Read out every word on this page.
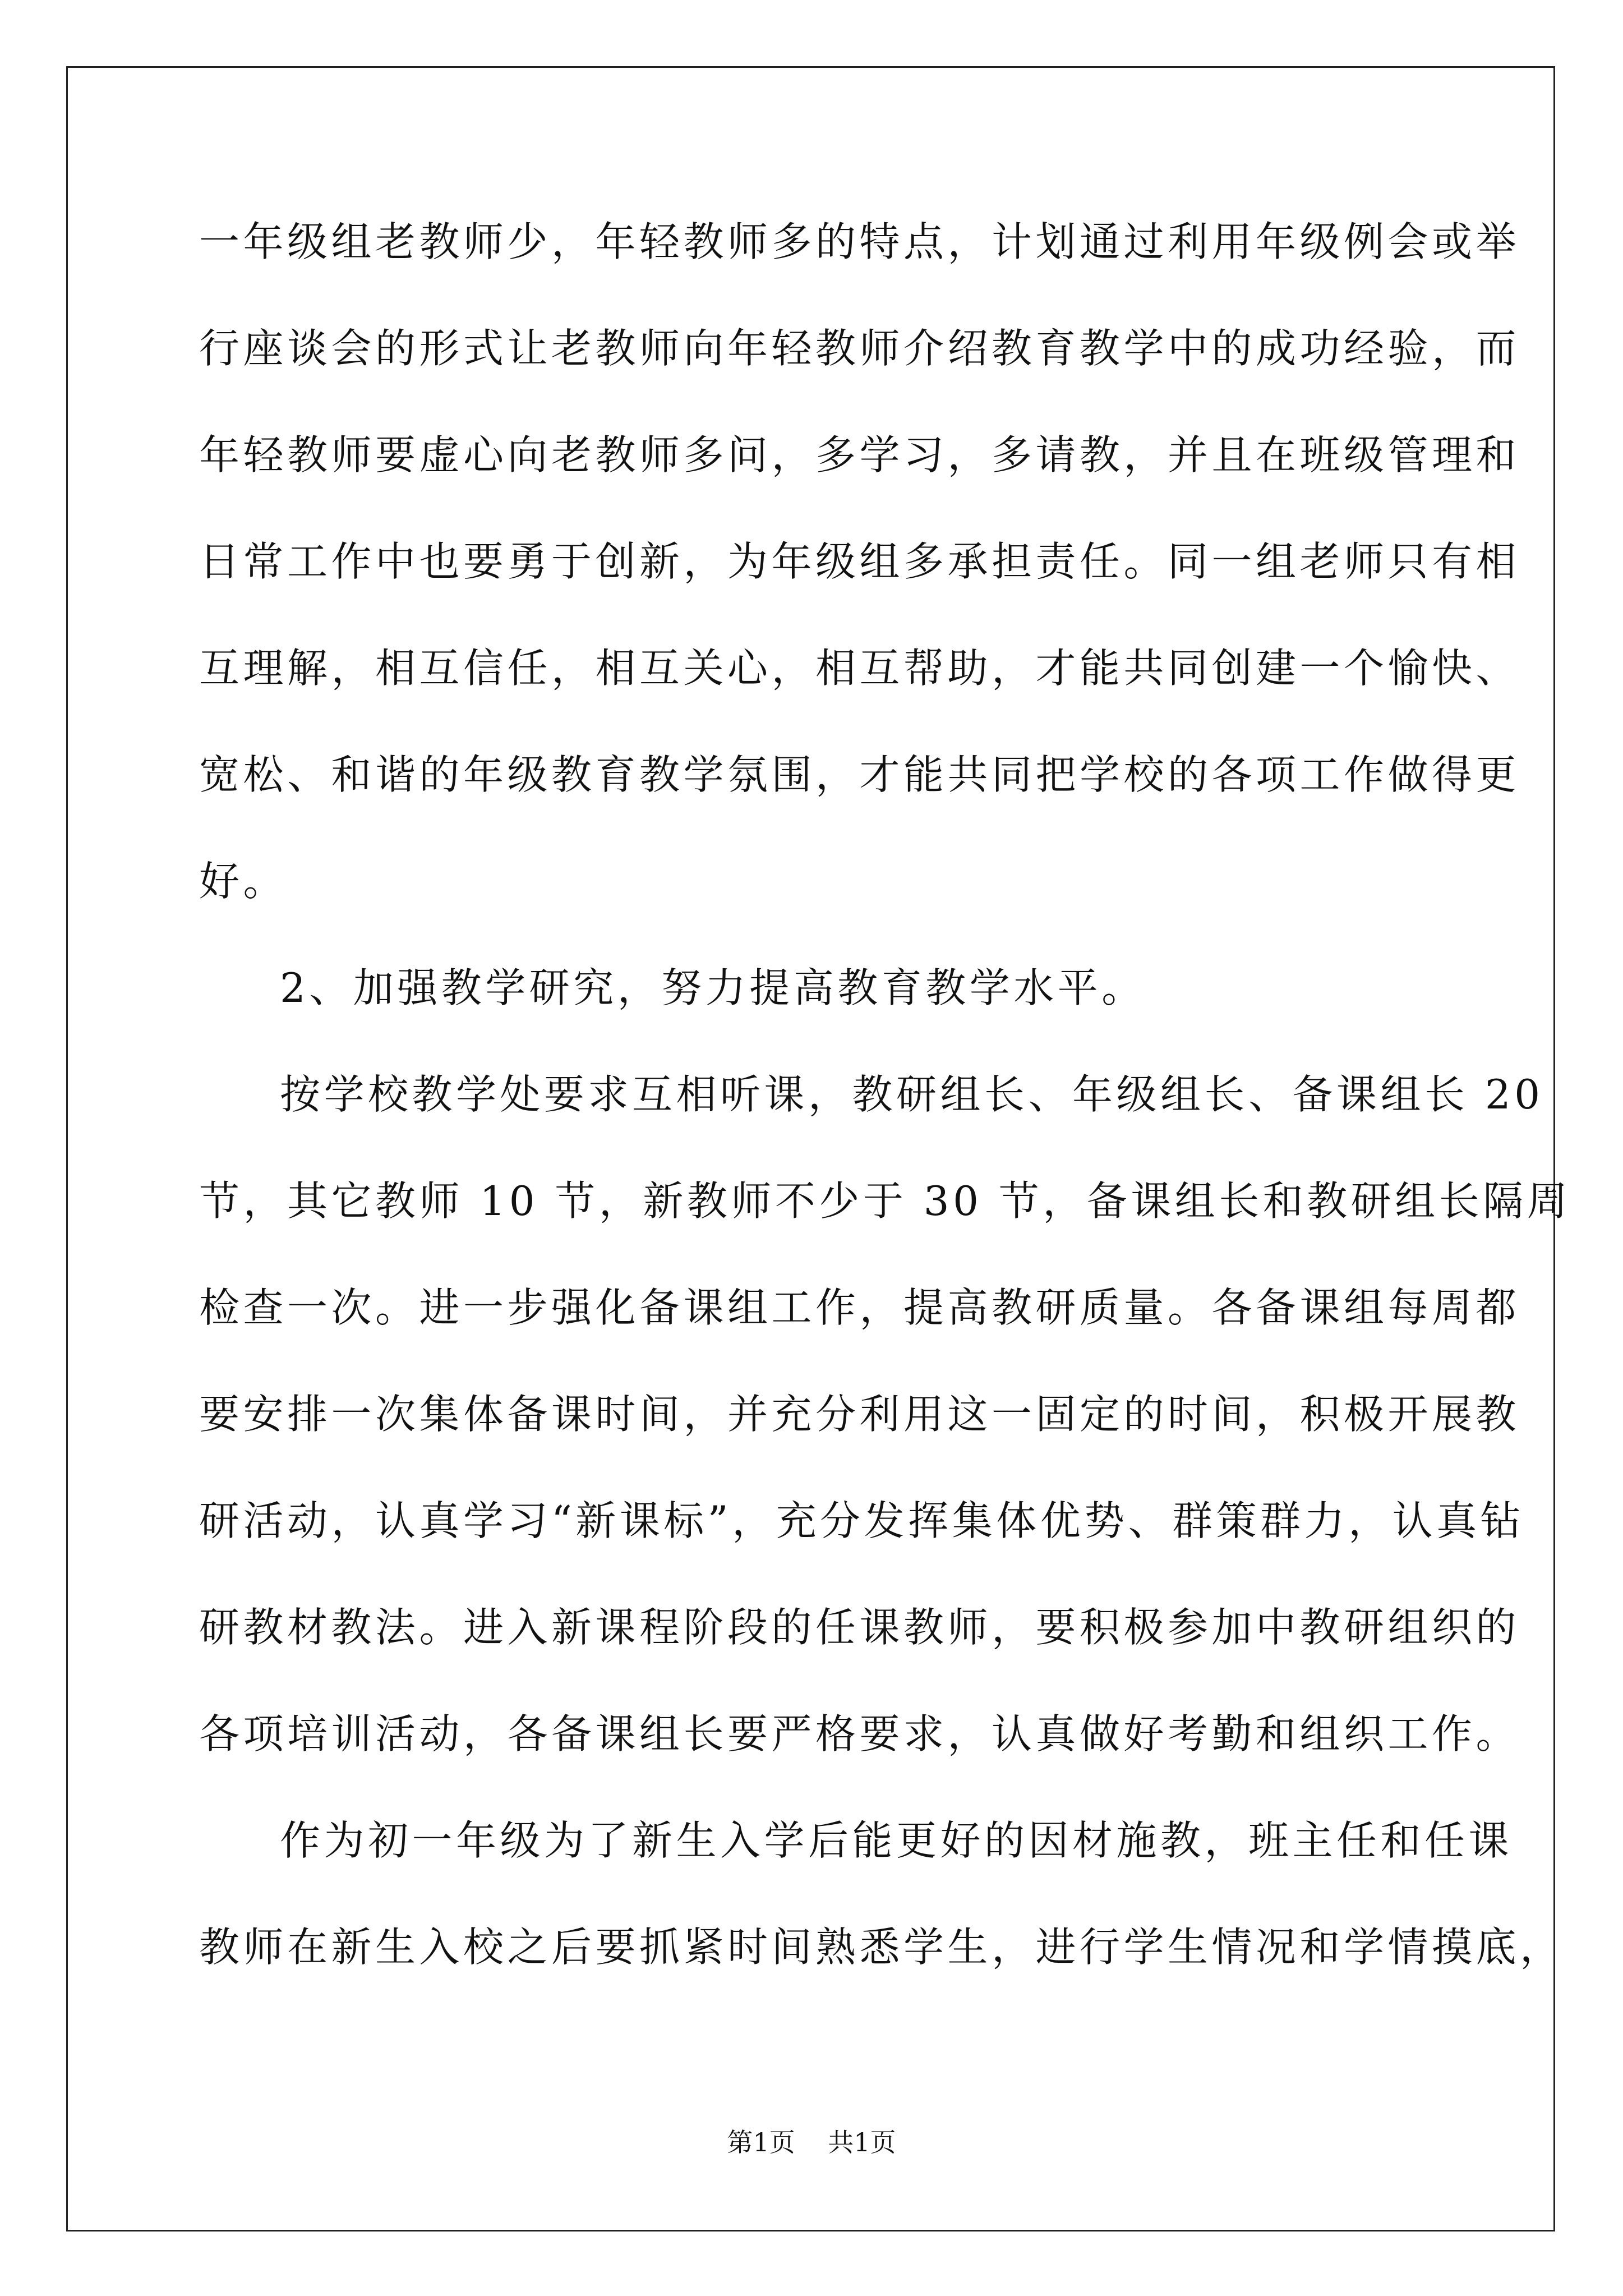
一年级组老教师少，年轻教师多的特点，计划通过利用年级例会或举
行座谈会的形式让老教师向年轻教师介绍教育教学中的成功经验，而
年轻教师要虚心向老教师多问，多学习，多请教，并且在班级管理和
日常工作中也要勇于创新，为年级组多承担责任。同一组老师只有相
互理解，相互信任，相互关心，相互帮助，才能共同创建一个愉快、
宽松、和谐的年级教育教学氛围，才能共同把学校的各项工作做得更
好。
2、加强教学研究，努力提高教育教学水平。
按学校教学处要求互相听课，教研组长、年级组长、备课组长 20
节，其它教师 10 节，新教师不少于 30 节，备课组长和教研组长隔周
检查一次。进一步强化备课组工作，提高教研质量。各备课组每周都
要安排一次集体备课时间，并充分利用这一固定的时间，积极开展教
研活动，认真学习“新课标”，充分发挥集体优势、群策群力，认真钻
研教材教法。进入新课程阶段的任课教师，要积极参加中教研组织的
各项培训活动，各备课组长要严格要求，认真做好考勤和组织工作。
作为初一年级为了新生入学后能更好的因材施教，班主任和任课
教师在新生入校之后要抓紧时间熟悉学生，进行学生情况和学情摸底，
第1页    共1页
